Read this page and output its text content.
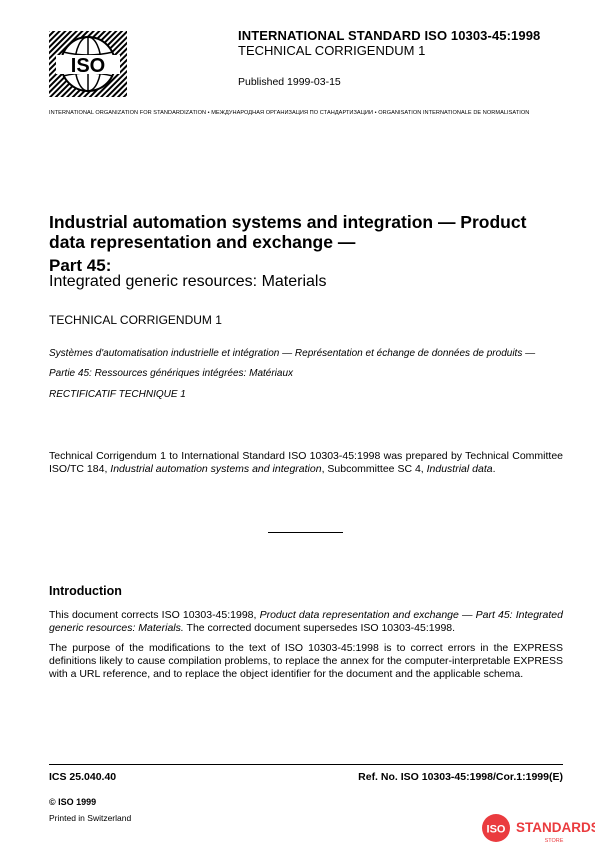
ISO
INTERNATIONAL STANDARD ISO 10303-45:1998
TECHNICAL CORRIGENDUM 1
Published 1999-03-15
INTERNATIONAL ORGANIZATION FOR STANDARDIZATION • МЕЖДУНАРОДНАЯ ОРГАНИЗАЦИЯ ПО СТАНДАРТИЗАЦИИ • ORGANISATION INTERNATIONALE DE NORMALISATION
Industrial automation systems and integration — Product data representation and exchange —
Part 45:
Integrated generic resources: Materials
TECHNICAL CORRIGENDUM 1
Systèmes d'automatisation industrielle et intégration — Représentation et échange de données de produits —
Partie 45: Ressources génériques intégrées: Matériaux
RECTIFICATIF TECHNIQUE 1
Technical Corrigendum 1 to International Standard ISO 10303-45:1998 was prepared by Technical Committee ISO/TC 184, Industrial automation systems and integration, Subcommittee SC 4, Industrial data.
Introduction
This document corrects ISO 10303-45:1998, Product data representation and exchange — Part 45: Integrated generic resources: Materials. The corrected document supersedes ISO 10303-45:1998.
The purpose of the modifications to the text of ISO 10303-45:1998 is to correct errors in the EXPRESS definitions likely to cause compilation problems, to replace the annex for the computer-interpretable EXPRESS with a URL reference, and to replace the object identifier for the document and the applicable schema.
ICS 25.040.40	Ref. No. ISO 10303-45:1998/Cor.1:1999(E)
© ISO 1999
Printed in Switzerland
ISO STANDARDS
STORE
